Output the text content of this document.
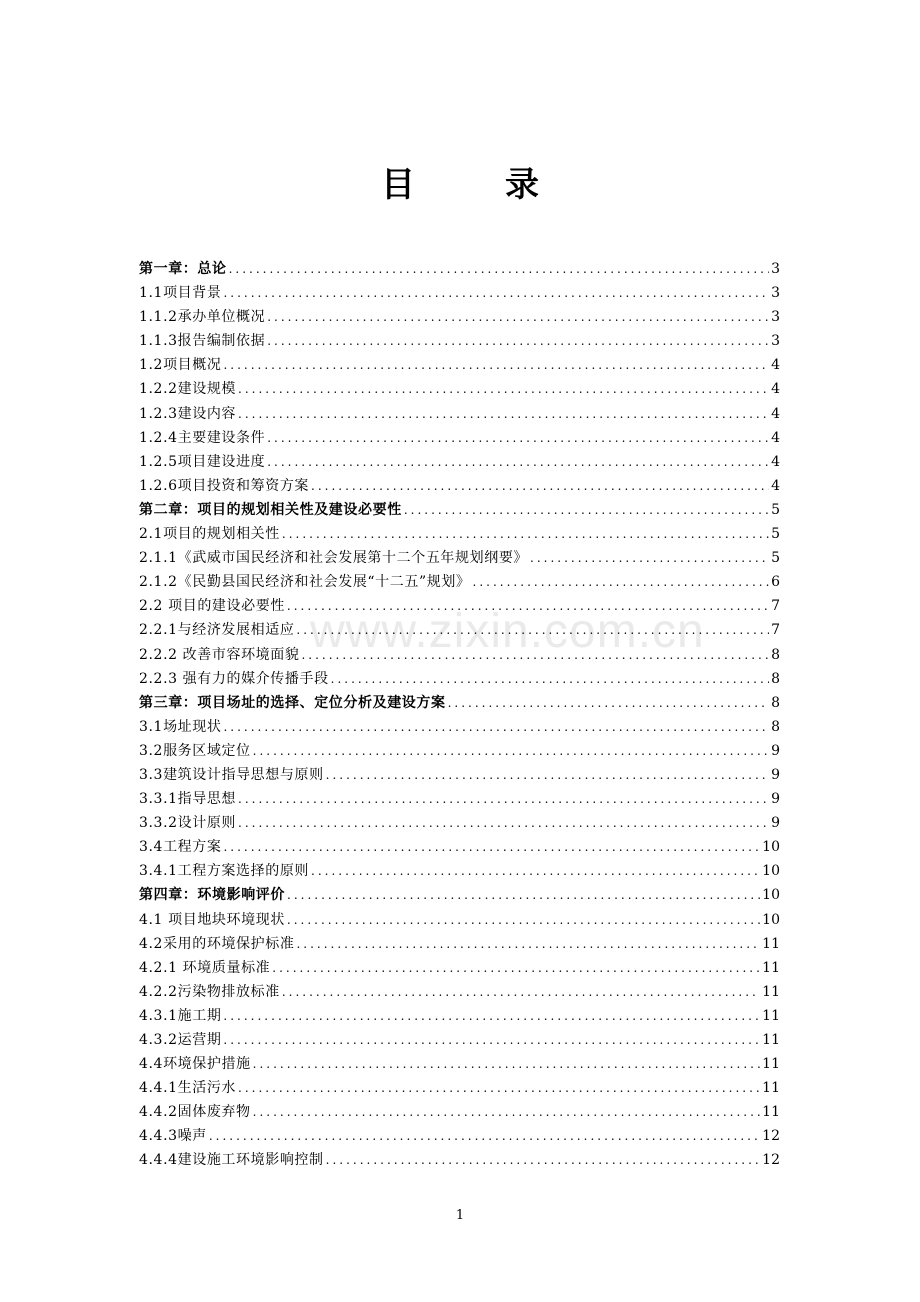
目　录
www.zixin.com.cn
第一章：总论 .....	3
1.1项目背景 .....	3
1.1.2承办单位概况 .....	3
1.1.3报告编制依据 .....	3
1.2项目概况 .....	4
1.2.2建设规模 .....	4
1.2.3建设内容 .....	4
1.2.4主要建设条件 .....	4
1.2.5项目建设进度 .....	4
1.2.6项目投资和筹资方案 .....	4
第二章：项目的规划相关性及建设必要性 .....	5
2.1项目的规划相关性 .....	5
2.1.1《武威市国民经济和社会发展第十二个五年规划纲要》 .....	5
2.1.2《民勤县国民经济和社会发展“十二五”规划》 .....	6
2.2 项目的建设必要性 .....	7
2.2.1与经济发展相适应 .....	7
2.2.2 改善市容环境面貌 .....	8
2.2.3 强有力的媒介传播手段 .....	8
第三章：项目场址的选择、定位分析及建设方案 .....	8
3.1场址现状 .....	8
3.2服务区域定位 .....	9
3.3建筑设计指导思想与原则 .....	9
3.3.1指导思想 .....	9
3.3.2设计原则 .....	9
3.4工程方案 .....	10
3.4.1工程方案选择的原则 .....	10
第四章：环境影响评价 .....	10
4.1 项目地块环境现状 .....	10
4.2采用的环境保护标准 .....	11
4.2.1 环境质量标准 .....	11
4.2.2污染物排放标准 .....	11
4.3.1施工期 .....	11
4.3.2运营期 .....	11
4.4环境保护措施 .....	11
4.4.1生活污水 .....	11
4.4.2固体废弃物 .....	11
4.4.3噪声 .....	12
4.4.4建设施工环境影响控制 .....	12
1
